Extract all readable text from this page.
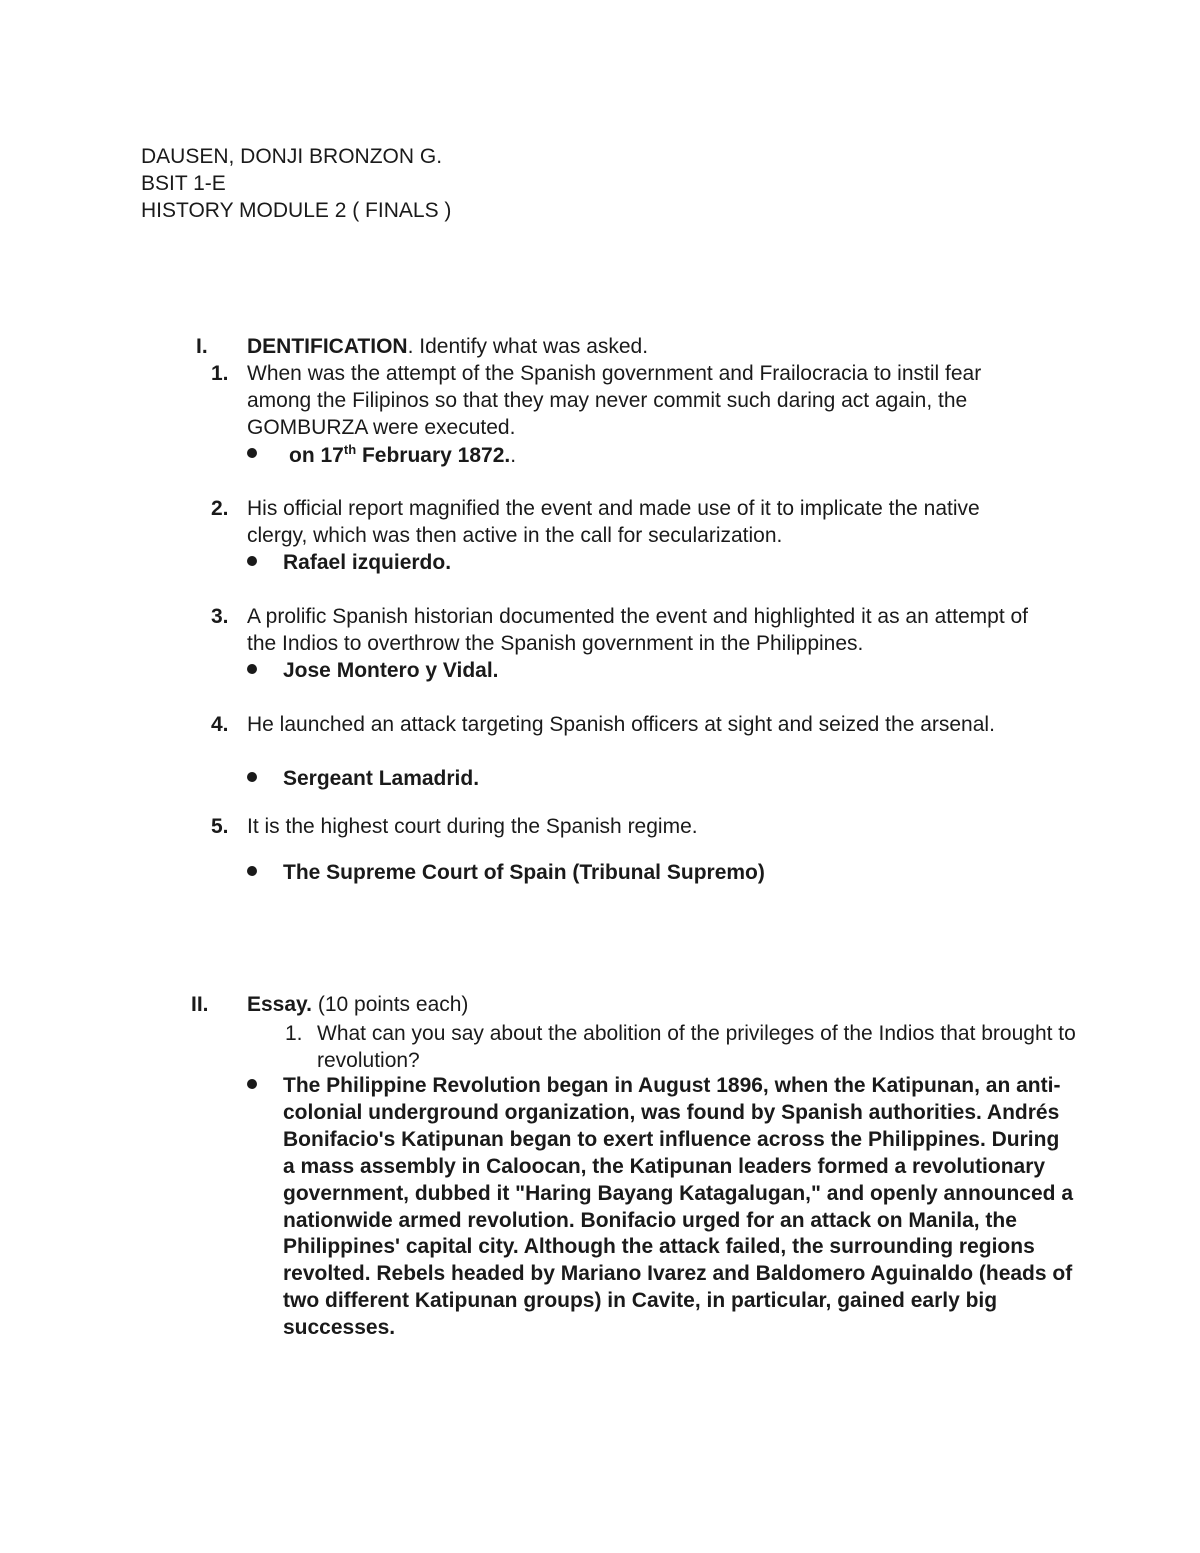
DAUSEN, DONJI BRONZON G.
BSIT 1-E
HISTORY MODULE 2 ( FINALS )
I.	DENTIFICATION. Identify what was asked.
1. When was the attempt of the Spanish government and Frailocracia to instil fear among the Filipinos so that they may never commit such daring act again, the GOMBURZA were executed.
on 17th February 1872..
2. His official report magnified the event and made use of it to implicate the native clergy, which was then active in the call for secularization.
Rafael izquierdo.
3. A prolific Spanish historian documented the event and highlighted it as an attempt of the Indios to overthrow the Spanish government in the Philippines.
Jose Montero y Vidal.
4. He launched an attack targeting Spanish officers at sight and seized the arsenal.
Sergeant Lamadrid.
5. It is the highest court during the Spanish regime.
The Supreme Court of Spain (Tribunal Supremo)
II.	Essay. (10 points each)
1. What can you say about the abolition of the privileges of the Indios that brought to revolution?
The Philippine Revolution began in August 1896, when the Katipunan, an anti-colonial underground organization, was found by Spanish authorities. Andrés Bonifacio's Katipunan began to exert influence across the Philippines. During a mass assembly in Caloocan, the Katipunan leaders formed a revolutionary government, dubbed it "Haring Bayang Katagalugan," and openly announced a nationwide armed revolution. Bonifacio urged for an attack on Manila, the Philippines' capital city. Although the attack failed, the surrounding regions revolted. Rebels headed by Mariano Ivarez and Baldomero Aguinaldo (heads of two different Katipunan groups) in Cavite, in particular, gained early big successes.
